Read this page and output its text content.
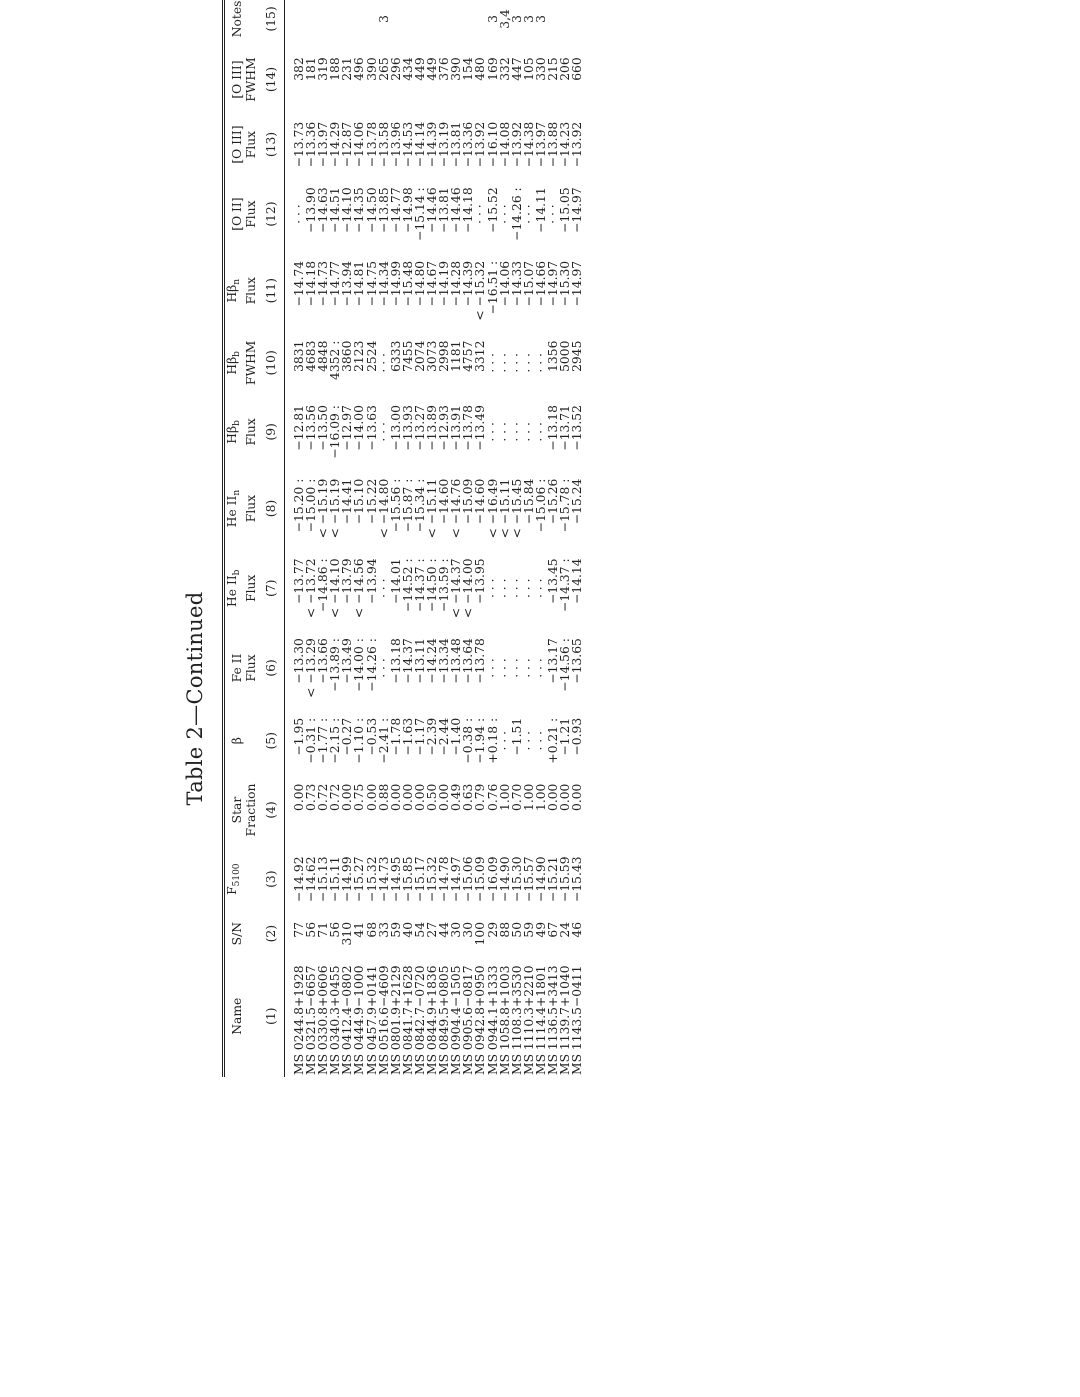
Table 2—Continued
Name	S/N	$F_{5100}$	Star	β	Fe II	He $II_b$	He $II_n$	$H\beta_b$	$H\beta_b$	$H\beta_n$	[O II]	[O III]	[O III]	Notes
			Fraction		Flux	Flux	Flux	Flux	FWHM	Flux	Flux	Flux	FWHM	
(1)	(2)	(3)	(4)	(5)	(6)	(7)	(8)	(9)	(10)	(11)	(12)	(13)	(14)	(15)
MS 0244.8+1928	77	−14.92	0.00	−1.95	−13.30	−13.77	−15.20 :	−12.81	3831	−14.74	· · ·	−13.73	382	
MS 0321.5−6657	56	−14.62	0.73	−0.31 :	< −13.29	< −13.72	−15.00 :	−13.56	4683	−14.18	−13.90	−13.36	181	
MS 0330.8+0606	71	−15.13	0.72	−1.77 :	−13.66	−14.86 :	< −15.19	−13.50	4848	−14.73	−14.63	−13.97	319	
MS 0340.3+0455	56	−15.11	0.72	−2.15 :	−13.89 :	< −14.10	< −15.19	−16.09 :	4352 :	−14.77	−14.51	−14.29	188	
MS 0412.4−0802	310	−14.99	0.00	−0.27	−13.49	−13.79	−14.41	−12.97	3860	−13.94	−14.10	−12.87	231	
MS 0444.9−1000	41	−15.27	0.75	−1.10 :	−14.00 :	< −14.56	−15.10	−14.00	2123	−14.81	−14.35	−14.06	496	
MS 0457.9+0141	68	−15.32	0.00	−0.53	−14.26 :	−13.94	−15.22	−13.63	2524	−14.75	−14.50	−13.78	390	
MS 0516.6−4609	33	−14.73	0.88	−2.41 :	· · ·	· · ·	< −14.80	· · ·	· · ·	−14.34	−13.85	−13.58	265	3
MS 0801.9+2129	59	−14.95	0.00	−1.78	−13.18	−14.01	−15.56 :	−13.00	6333	−14.99	−14.77	−13.96	296	
MS 0841.7+1628	40	−15.85	0.00	−1.63	−14.37	−14.52 :	−15.87 :	−13.93	7455	−15.48	−14.98	−14.53	434	
MS 0842.7−0720	54	−15.17	0.00	−1.17	−13.11	−14.37 :	−15.34 :	−13.27	2074	−14.80	−15.14 :	−14.14	449	
MS 0844.9+1836	27	−15.32	0.50	−2.39	−14.24	−14.50 :	< −15.11	−13.89	3073	−14.67	−14.46	−14.39	449	
MS 0849.5+0805	44	−14.78	0.00	−2.44	−13.34	−13.59 :	−14.60	−12.93	2998	−14.19	−13.81	−13.19	376	
MS 0904.4−1505	30	−14.97	0.49	−1.40	−13.48	< −14.37	< −14.76	−13.91	1181	−14.28	−14.46	−13.81	390	
MS 0905.6−0817	30	−15.06	0.63	−0.38 :	−13.64	< −14.00	−15.09	−13.78	4757	−14.39	−14.18	−13.36	154	
MS 0942.8+0950	100	−15.09	0.79	−1.94 :	−13.78	−13.95	−14.60	−13.49	3312	< −15.32	· · ·	−13.92	480	
MS 0944.1+1333	29	−16.09	0.76	+0.18 :	· · ·	· · ·	< −16.49	· · ·	· · ·	−16.51 :	−15.52	−16.10	169	3
MS 1058.8+1003	88	−14.90	1.00	· · ·	· · ·	· · ·	< −15.11	· · ·	· · ·	−14.06	· · ·	−14.08	332	3,4
MS 1108.3+3530	50	−15.30	0.70	−1.51	· · ·	· · ·	< −15.45	· · ·	· · ·	−14.33	−14.26 :	−13.92	447	3
MS 1110.3+2210	59	−15.57	1.00	· · ·	· · ·	· · ·	−15.84	· · ·	· · ·	−15.07	· · ·	−14.38	105	3
MS 1114.4+1801	49	−14.90	1.00	· · ·	· · ·	· · ·	−15.06 :	· · ·	· · ·	−14.66	−14.11	−13.97	330	3
MS 1136.5+3413	67	−15.21	0.00	+0.21 :	−13.17	−13.45	−15.26	−13.18	1356	−14.97	· · ·	−13.88	215	
MS 1139.7+1040	24	−15.59	0.00	−1.21	−14.56 :	−14.37 :	−15.78 :	−13.71	5000	−15.30	−15.05	−14.23	206	
MS 1143.5−0411	46	−15.43	0.00	−0.93	−13.65	−14.14	−15.24	−13.52	2945	−14.97	−14.97	−13.92	660	
